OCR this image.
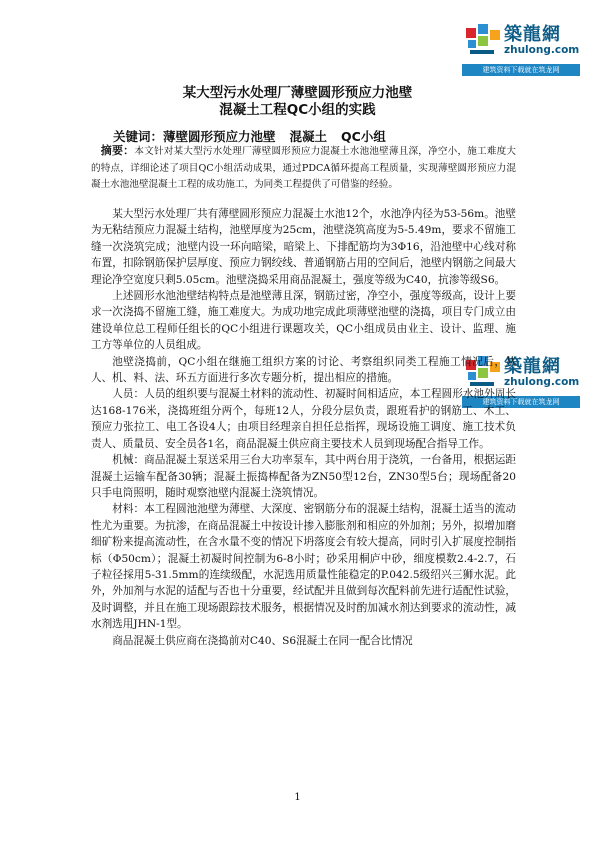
築龍網
zhulong.com
建筑资料下载就在筑龙网
築龍網
zhulong.com
建筑资料下载就在筑龙网
某大型污水处理厂薄壁圆形预应力池壁
混凝土工程QC小组的实践
关键词：薄壁圆形预应力池壁 混凝土 QC小组
 摘要：本文针对某大型污水处理厂薄壁圆形预应力混凝土水池池壁薄且深，净空小，施工难度大的特点，详细论述了项目QC小组活动成果，通过PDCA循环提高工程质量，实现薄壁圆形预应力混凝土水池池壁混凝土工程的成功施工，为同类工程提供了可借鉴的经验。

某大型污水处理厂共有薄壁圆形预应力混凝土水池12个，水池净内径为53-56m。池壁为无粘结预应力混凝土结构，池壁厚度为25cm，池壁浇筑高度为5-5.49m，要求不留施工缝一次浇筑完成；池壁内设一环向暗梁，暗梁上、下排配筋均为3Φ16，沿池壁中心线对称布置，扣除钢筋保护层厚度、预应力钢绞线、普通钢筋占用的空间后，池壁内钢筋之间最大理论净空宽度只剩5.05cm。池壁浇捣采用商品混凝土，强度等级为C40，抗渗等级S6。

上述圆形水池池壁结构特点是池壁薄且深，钢筋过密，净空小，强度等级高，设计上要求一次浇捣不留施工缝，施工难度大。为成功地完成此项薄壁池壁的浇捣，项目专门成立由建设单位总工程师任组长的QC小组进行课题攻关，QC小组成员由业主、设计、监理、施工方等单位的人员组成。

池壁浇捣前，QC小组在继施工组织方案的讨论、考察组织同类工程施工情况后，从人、机、料、法、环五方面进行多次专题分析，提出相应的措施。

人员：人员的组织要与混凝土材料的流动性、初凝时间相适应，本工程圆形水池外周长达168-176米，浇捣班组分两个，每班12人，分段分层负责，跟班看护的钢筋工、木工、预应力张拉工、电工各设4人；由项目经理亲自担任总指挥，现场设施工调度、施工技术负责人、质量员、安全员各1名，商品混凝土供应商主要技术人员到现场配合指导工作。

机械：商品混凝土泵送采用三台大功率泵车，其中两台用于浇筑，一台备用，根据运距混凝土运输车配备30辆；混凝土振捣棒配备为ZN50型12台，ZN30型5台；现场配备20只手电筒照明，随时观察池壁内混凝土浇筑情况。

材料：本工程圆池池壁为薄壁、大深度、密钢筋分布的混凝土结构，混凝土适当的流动性尤为重要。为抗渗，在商品混凝土中按设计掺入膨胀剂和相应的外加剂；另外，拟增加磨细矿粉来提高流动性，在含水量不变的情况下坍落度会有较大提高，同时引入扩展度控制指标（Φ50cm）；混凝土初凝时间控制为6-8小时；砂采用桐庐中砂，细度模数2.4-2.7，石子粒径採用5-31.5mm的连续级配，水泥选用质量性能稳定的P.042.5级绍兴三狮水泥。此外，外加剂与水泥的适配与否也十分重要，经试配并且做到每次配料前先进行适配性试验，及时调整，并且在施工现场跟踪技术服务，根据情况及时酌加减水剂达到要求的流动性，减水剂选用JHN-1型。

商品混凝土供应商在浇捣前对C40、S6混凝土在同一配合比情况

1
